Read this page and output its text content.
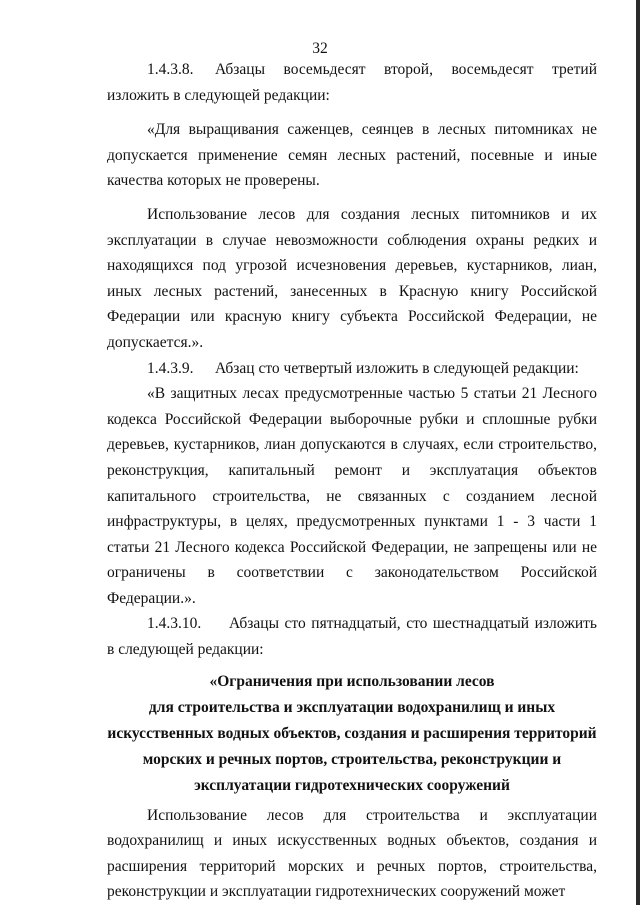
32

1.4.3.8. Абзацы восемьдесят второй, восемьдесят третий изложить в следующей редакции:

«Для выращивания саженцев, сеянцев в лесных питомниках не допускается применение семян лесных растений, посевные и иные качества которых не проверены.

Использование лесов для создания лесных питомников и их эксплуатации в случае невозможности соблюдения охраны редких и находящихся под угрозой исчезновения деревьев, кустарников, лиан, иных лесных растений, занесенных в Красную книгу Российской Федерации или красную книгу субъекта Российской Федерации, не допускается.».

1.4.3.9. Абзац сто четвертый изложить в следующей редакции:

«В защитных лесах предусмотренные частью 5 статьи 21 Лесного кодекса Российской Федерации выборочные рубки и сплошные рубки деревьев, кустарников, лиан допускаются в случаях, если строительство, реконструкция, капитальный ремонт и эксплуатация объектов капитального строительства, не связанных с созданием лесной инфраструктуры, в целях, предусмотренных пунктами 1 - 3 части 1 статьи 21 Лесного кодекса Российской Федерации, не запрещены или не ограничены в соответствии с законодательством Российской Федерации.».

1.4.3.10. Абзацы сто пятнадцатый, сто шестнадцатый изложить в следующей редакции:

«Ограничения при использовании лесов
для строительства и эксплуатации водохранилищ и иных
искусственных водных объектов, создания и расширения территорий
морских и речных портов, строительства, реконструкции и
эксплуатации гидротехнических сооружений

Использование лесов для строительства и эксплуатации водохранилищ и иных искусственных водных объектов, создания и расширения территорий морских и речных портов, строительства, реконструкции и эксплуатации гидротехнических сооружений может
